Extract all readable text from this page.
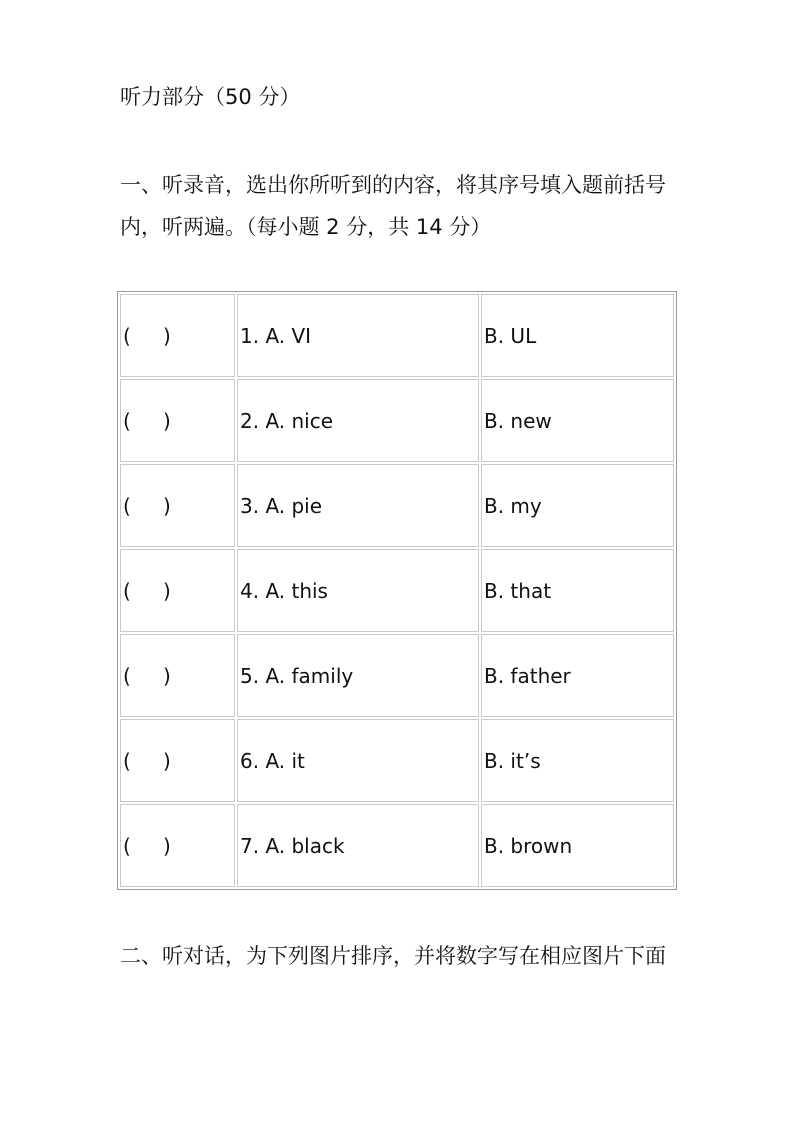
听力部分（50 分）
一、听录音，选出你所听到的内容，将其序号填入题前括号
内，听两遍。（每小题 2 分，共 14 分）
( )	1. A. VI	B. UL
( )	2. A. nice	B. new
( )	3. A. pie	B. my
( )	4. A. this	B. that
( )	5. A. family	B. father
( )	6. A. it	B. it’s
( )	7. A. black	B. brown
二、听对话，为下列图片排序，并将数字写在相应图片下面
